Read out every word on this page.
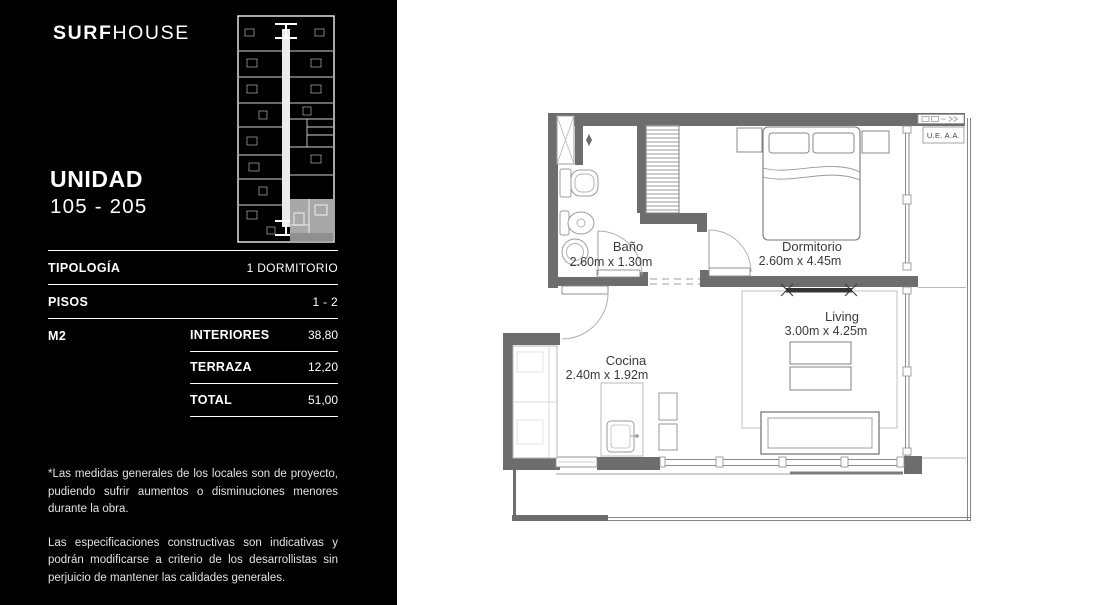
SURFHOUSE
UNIDAD
105 - 205
TIPOLOGÍA	1 DORMITORIO
PISOS	1 - 2
M2	INTERIORES	38,80
TERRAZA	12,20
TOTAL	51,00

*Las medidas generales de los locales son de proyecto, pudiendo sufrir aumentos o disminuciones menores durante la obra.

Las especificaciones constructivas son indicativas y podrán modificarse a criterio de los desarrollistas sin perjuicio de mantener las calidades generales.

U.E. A.A.
Baño
2.60m x 1.30m
Dormitorio
2.60m x 4.45m
Living
3.00m x 4.25m
Cocina
2.40m x 1.92m
